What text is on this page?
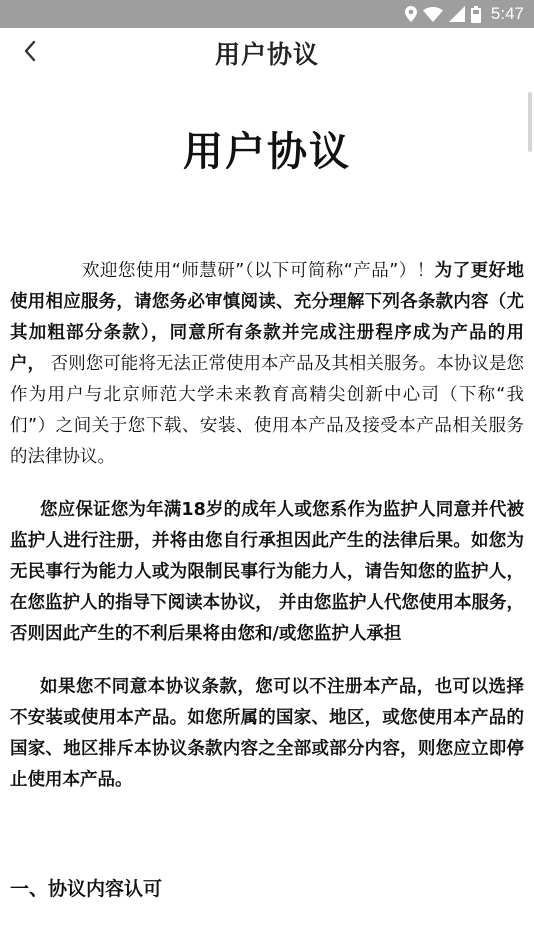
5:47
用户协议
用户协议

欢迎您使用“师慧研”（以下可简称“产品”）！为了更好地使用相应服务，请您务必审慎阅读、充分理解下列各条款内容（尤其加粗部分条款），同意所有条款并完成注册程序成为产品的用户， 否则您可能将无法正常使用本产品及其相关服务。本协议是您作为用户与北京师范大学未来教育高精尖创新中心司（下称“我们”）之间关于您下载、安装、使用本产品及接受本产品相关服务的法律协议。

您应保证您为年满18岁的成年人或您系作为监护人同意并代被监护人进行注册，并将由您自行承担因此产生的法律后果。如您为无民事行为能力人或为限制民事行为能力人，请告知您的监护人，在您监护人的指导下阅读本协议， 并由您监护人代您使用本服务，否则因此产生的不利后果将由您和/或您监护人承担

如果您不同意本协议条款，您可以不注册本产品，也可以选择不安装或使用本产品。如您所属的国家、地区，或您使用本产品的国家、地区排斥本协议条款内容之全部或部分内容，则您应立即停止使用本产品。

一、协议内容认可
